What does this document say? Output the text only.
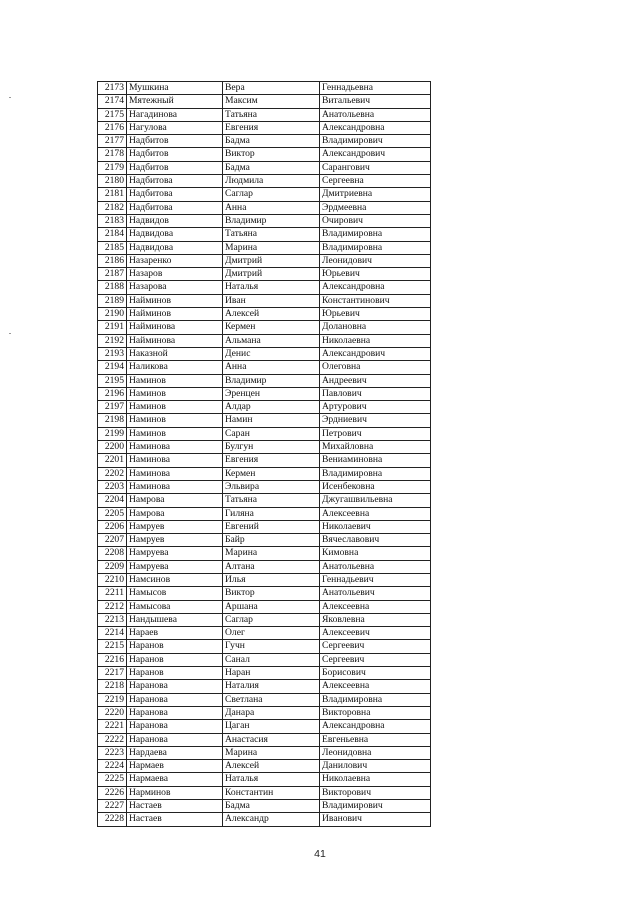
2173	Мушкина	Вера	Геннадьевна
2174	Мятежный	Максим	Витальевич
2175	Нагадинова	Татьяна	Анатольевна
2176	Нагулова	Евгения	Александровна
2177	Надбитов	Бадма	Владимирович
2178	Надбитов	Виктор	Александрович
2179	Надбитов	Бадма	Сарангович
2180	Надбитова	Людмила	Сергеевна
2181	Надбитова	Саглар	Дмитриевна
2182	Надбитова	Анна	Эрдмеевна
2183	Надвидов	Владимир	Очирович
2184	Надвидова	Татьяна	Владимировна
2185	Надвидова	Марина	Владимировна
2186	Назаренко	Дмитрий	Леонидович
2187	Назаров	Дмитрий	Юрьевич
2188	Назарова	Наталья	Александровна
2189	Найминов	Иван	Константинович
2190	Найминов	Алексей	Юрьевич
2191	Найминова	Кермен	Долановна
2192	Найминова	Альмана	Николаевна
2193	Наказной	Денис	Александрович
2194	Наликова	Анна	Олеговна
2195	Наминов	Владимир	Андреевич
2196	Наминов	Эренцен	Павлович
2197	Наминов	Алдар	Артурович
2198	Наминов	Намин	Эрдниевич
2199	Наминов	Саран	Петрович
2200	Наминова	Булгун	Михайловна
2201	Наминова	Евгения	Вениаминовна
2202	Наминова	Кермен	Владимировна
2203	Наминова	Эльвира	Исенбековна
2204	Намрова	Татьяна	Джугашвильевна
2205	Намрова	Гиляна	Алексеевна
2206	Намруев	Евгений	Николаевич
2207	Намруев	Байр	Вячеславович
2208	Намруева	Марина	Кимовна
2209	Намруева	Алтана	Анатольевна
2210	Намсинов	Илья	Геннадьевич
2211	Намысов	Виктор	Анатольевич
2212	Намысова	Аршана	Алексеевна
2213	Нандышева	Саглар	Яковлевна
2214	Нараев	Олег	Алексеевич
2215	Наранов	Гучн	Сергеевич
2216	Наранов	Санал	Сергеевич
2217	Наранов	Наран	Борисович
2218	Наранова	Наталия	Алексеевна
2219	Наранова	Светлана	Владимировна
2220	Наранова	Данара	Викторовна
2221	Наранова	Цаган	Александровна
2222	Наранова	Анастасия	Евгеньевна
2223	Нардаева	Марина	Леонидовна
2224	Нармаев	Алексей	Данилович
2225	Нармаева	Наталья	Николаевна
2226	Нарминов	Константин	Викторович
2227	Настаев	Бадма	Владимирович
2228	Настаев	Александр	Иванович
41
